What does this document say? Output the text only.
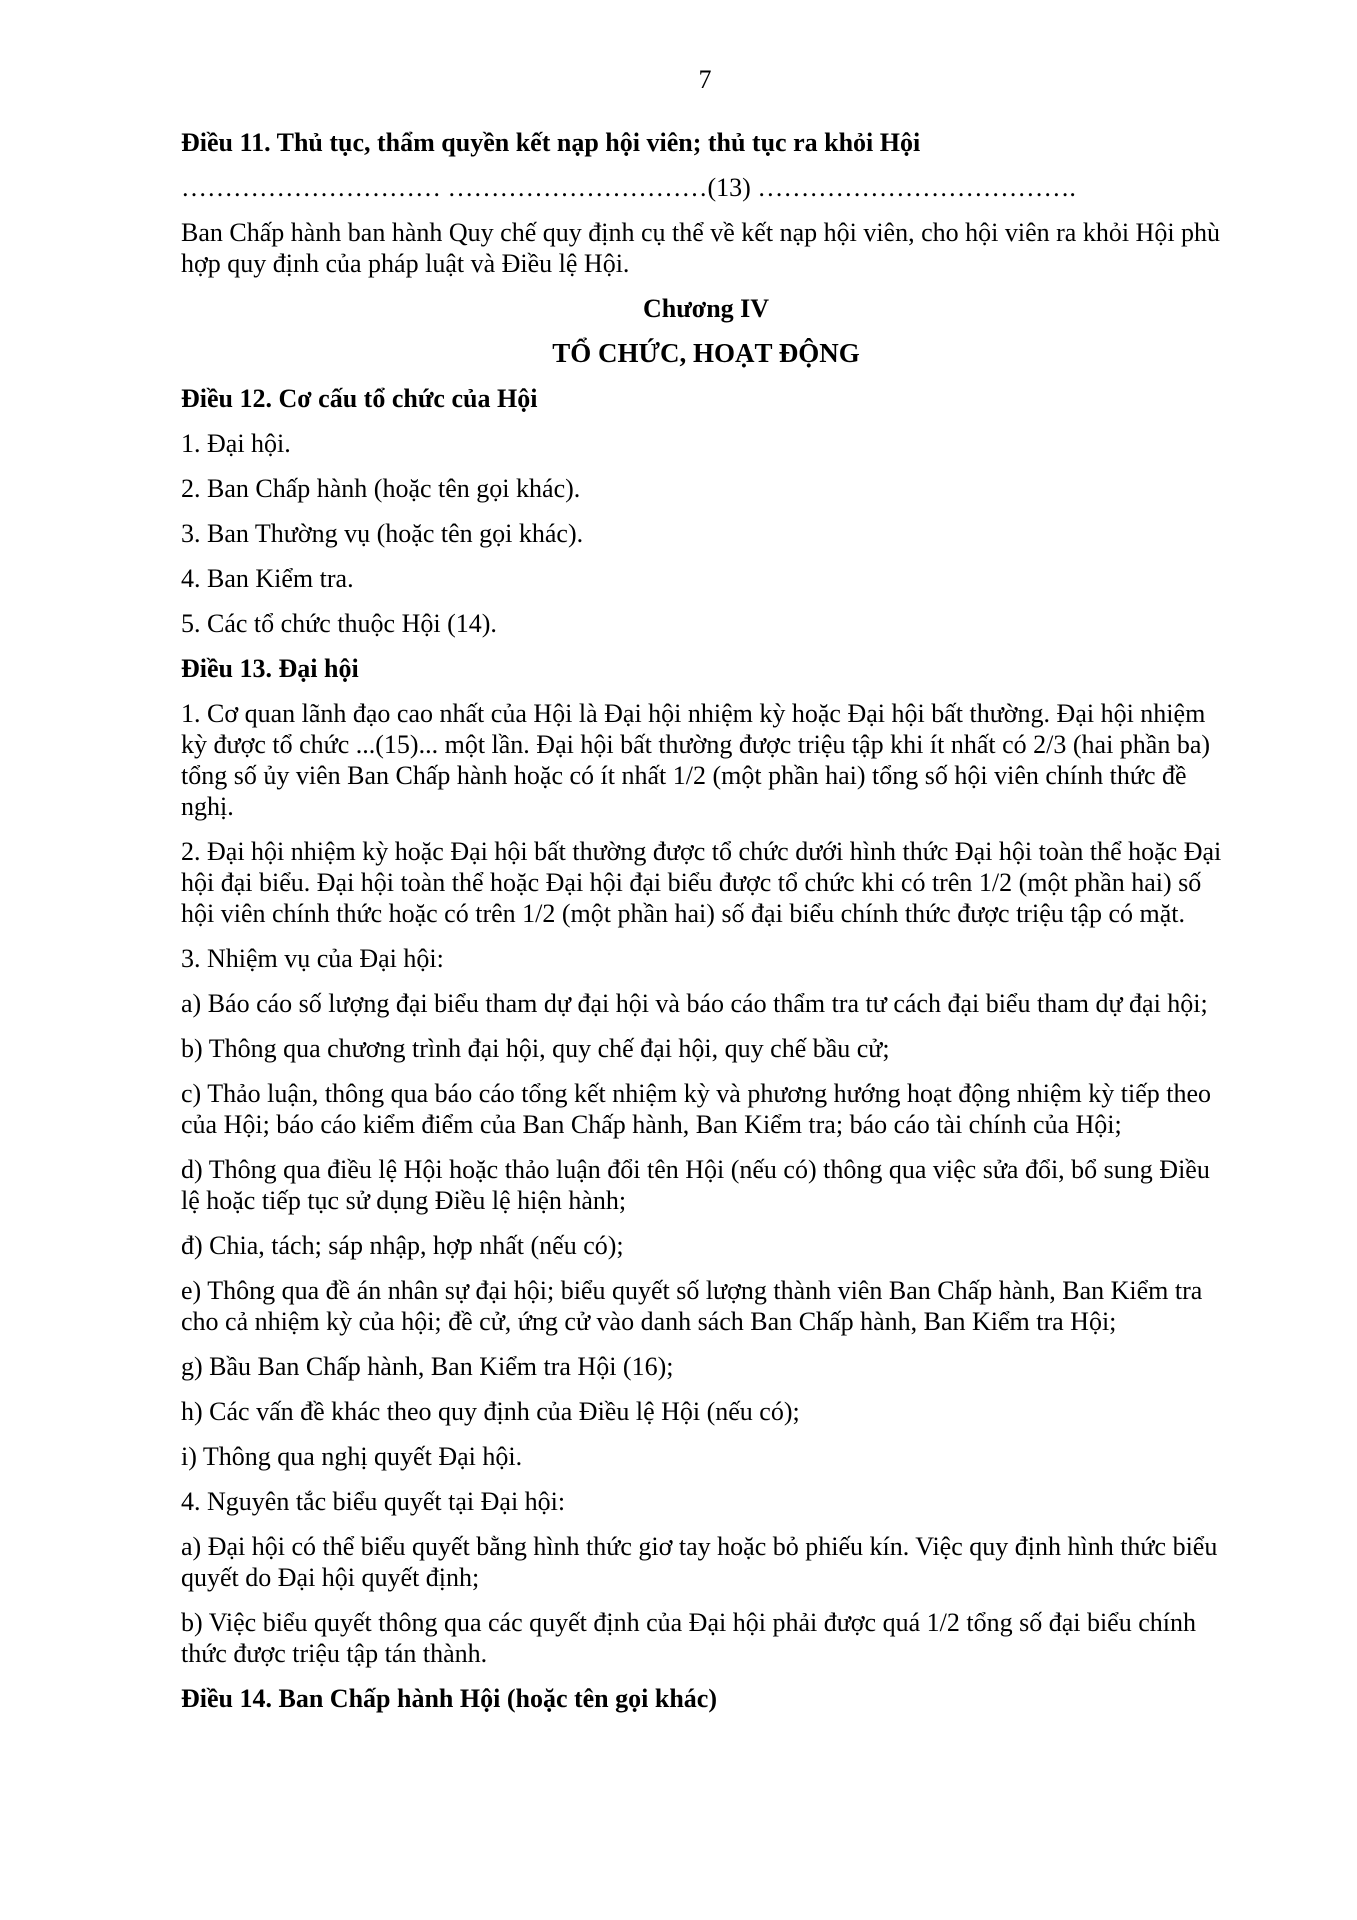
7

Điều 11. Thủ tục, thẩm quyền kết nạp hội viên; thủ tục ra khỏi Hội

………………………… …………………………(13) ……………………………….

Ban Chấp hành ban hành Quy chế quy định cụ thể về kết nạp hội viên, cho hội viên ra khỏi Hội phù hợp quy định của pháp luật và Điều lệ Hội.

Chương IV

TỔ CHỨC, HOẠT ĐỘNG

Điều 12. Cơ cấu tổ chức của Hội

1. Đại hội.

2. Ban Chấp hành (hoặc tên gọi khác).

3. Ban Thường vụ (hoặc tên gọi khác).

4. Ban Kiểm tra.

5. Các tổ chức thuộc Hội (14).

Điều 13. Đại hội

1. Cơ quan lãnh đạo cao nhất của Hội là Đại hội nhiệm kỳ hoặc Đại hội bất thường. Đại hội nhiệm kỳ được tổ chức ...(15)... một lần. Đại hội bất thường được triệu tập khi ít nhất có 2/3 (hai phần ba) tổng số ủy viên Ban Chấp hành hoặc có ít nhất 1/2 (một phần hai) tổng số hội viên chính thức đề nghị.

2. Đại hội nhiệm kỳ hoặc Đại hội bất thường được tổ chức dưới hình thức Đại hội toàn thể hoặc Đại hội đại biểu. Đại hội toàn thể hoặc Đại hội đại biểu được tổ chức khi có trên 1/2 (một phần hai) số hội viên chính thức hoặc có trên 1/2 (một phần hai) số đại biểu chính thức được triệu tập có mặt.

3. Nhiệm vụ của Đại hội:

a) Báo cáo số lượng đại biểu tham dự đại hội và báo cáo thẩm tra tư cách đại biểu tham dự đại hội;

b) Thông qua chương trình đại hội, quy chế đại hội, quy chế bầu cử;

c) Thảo luận, thông qua báo cáo tổng kết nhiệm kỳ và phương hướng hoạt động nhiệm kỳ tiếp theo của Hội; báo cáo kiểm điểm của Ban Chấp hành, Ban Kiểm tra; báo cáo tài chính của Hội;

d) Thông qua điều lệ Hội hoặc thảo luận đổi tên Hội (nếu có) thông qua việc sửa đổi, bổ sung Điều lệ hoặc tiếp tục sử dụng Điều lệ hiện hành;

đ) Chia, tách; sáp nhập, hợp nhất (nếu có);

e) Thông qua đề án nhân sự đại hội; biểu quyết số lượng thành viên Ban Chấp hành, Ban Kiểm tra cho cả nhiệm kỳ của hội; đề cử, ứng cử vào danh sách Ban Chấp hành, Ban Kiểm tra Hội;

g) Bầu Ban Chấp hành, Ban Kiểm tra Hội (16);

h) Các vấn đề khác theo quy định của Điều lệ Hội (nếu có);

i) Thông qua nghị quyết Đại hội.

4. Nguyên tắc biểu quyết tại Đại hội:

a) Đại hội có thể biểu quyết bằng hình thức giơ tay hoặc bỏ phiếu kín. Việc quy định hình thức biểu quyết do Đại hội quyết định;

b) Việc biểu quyết thông qua các quyết định của Đại hội phải được quá 1/2 tổng số đại biểu chính thức được triệu tập tán thành.

Điều 14. Ban Chấp hành Hội (hoặc tên gọi khác)
